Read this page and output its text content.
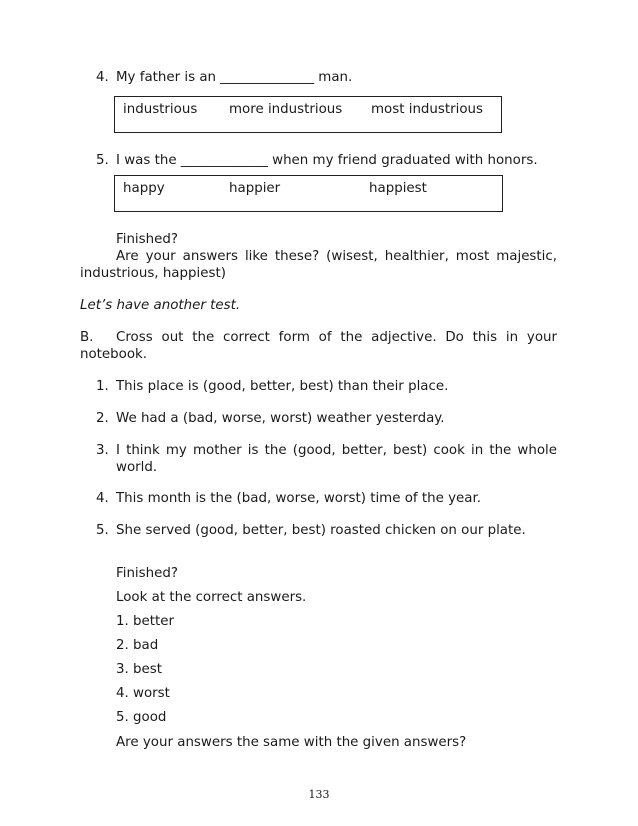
4. My father is an ______________ man.
industrious more industrious most industrious
5. I was the _____________ when my friend graduated with honors.
happy	happier	happiest
Finished?
Are your answers like these? (wisest, healthier, most majestic,
industrious, happiest)
Let’s have another test.
B. Cross out the correct form of the adjective. Do this in your
notebook.
1. This place is (good, better, best) than their place.
2. We had a (bad, worse, worst) weather yesterday.
3. I think my mother is the (good, better, best) cook in the whole
world.
4. This month is the (bad, worse, worst) time of the year.
5. She served (good, better, best) roasted chicken on our plate.
Finished?
Look at the correct answers.
1. better
2. bad
3. best
4. worst
5. good
Are your answers the same with the given answers?
133
